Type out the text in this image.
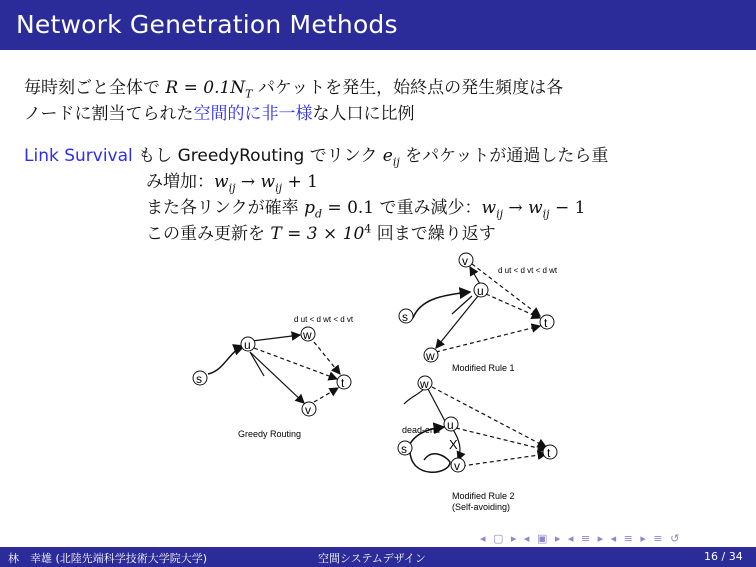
Network Genetration Methods
毎時刻ごと全体で $R = 0.1N_T$ パケットを発生，始終点の発生頻度は各
ノードに割当てられた空間的に非一様な人口に比例
Link Survival もし GreedyRouting でリンク $e_{ij}$ をパケットが通過したら重
み増加：$w_{ij} \to w_{ij} + 1$
また各リンクが確率 $p_d = 0.1$ で重み減少：$w_{ij} \to w_{ij} - 1$
この重み更新を $T = 3 \times 10^4$ 回まで繰り返す
u
s
w
v
t
d ut < d wt < d vt
Greedy Routing
v
u
s
w
t
d ut < d vt < d wt
Modified Rule 1
w
u
s
v
t
X
dead-end
Modified Rule 2
(Self-avoiding)
◂ ▢ ▸ ◂ ▣ ▸ ◂ ≡ ▸ ◂ ≡ ▸ ≡ ↺
林　幸雄 (北陸先端科学技術大学院大学)	空間システムデザイン	16 / 34
